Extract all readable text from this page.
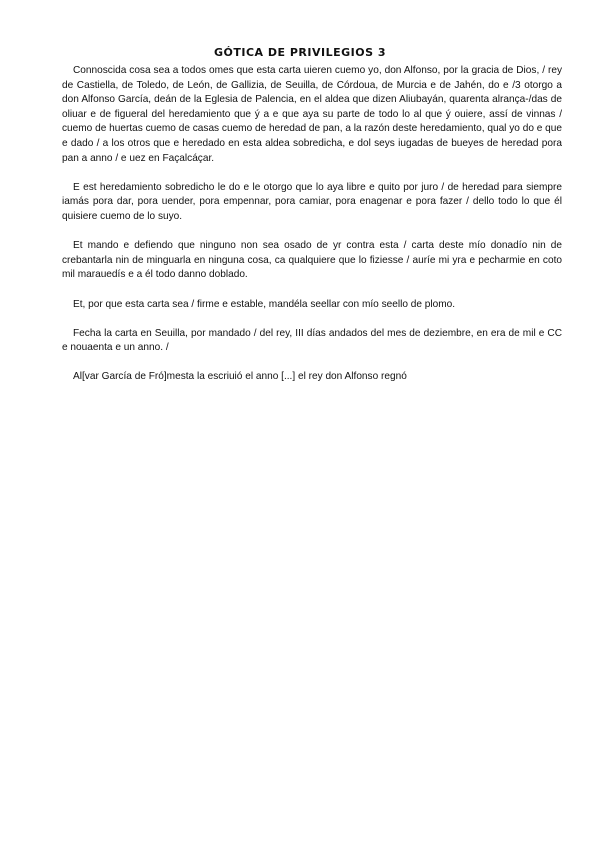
GÓTICA DE PRIVILEGIOS 3

Connoscida cosa sea a todos omes que esta carta uieren cuemo yo, don Alfonso, por la gracia de Dios, / rey de Castiella, de Toledo, de León, de Gallizia, de Seuilla, de Córdoua, de Murcia e de Jahén, do e /3 otorgo a don Alfonso García, deán de la Eglesia de Palencia, en el aldea que dizen Aliubayán, quarenta alrança-/das de oliuar e de figueral del heredamiento que ý a e que aya su parte de todo lo al que ý ouiere, assí de vinnas / cuemo de huertas cuemo de casas cuemo de heredad de pan, a la razón deste heredamiento, qual yo do e que e dado / a los otros que e heredado en esta aldea sobredicha, e dol seys iugadas de bueyes de heredad pora pan a anno / e uez en Façalcáçar.

E est heredamiento sobredicho le do e le otorgo que lo aya libre e quito por juro / de heredad para siempre iamás pora dar, pora uender, pora empennar, pora camiar, pora enagenar e pora fazer / dello todo lo que él quisiere cuemo de lo suyo.

Et mando e defiendo que ninguno non sea osado de yr contra esta / carta deste mío donadío nin de crebantarla nin de minguarla en ninguna cosa, ca qualquiere que lo fiziesse / auríe mi yra e pecharmie en coto mil marauedís e a él todo danno doblado.

Et, por que esta carta sea / firme e estable, mandéla seellar con mío seello de plomo.

Fecha la carta en Seuilla, por mandado / del rey, III días andados del mes de deziembre, en era de mil e CC e nouaenta e un anno. /

Al[var García de Fró]mesta la escriuió el anno [...] el rey don Alfonso regnó
